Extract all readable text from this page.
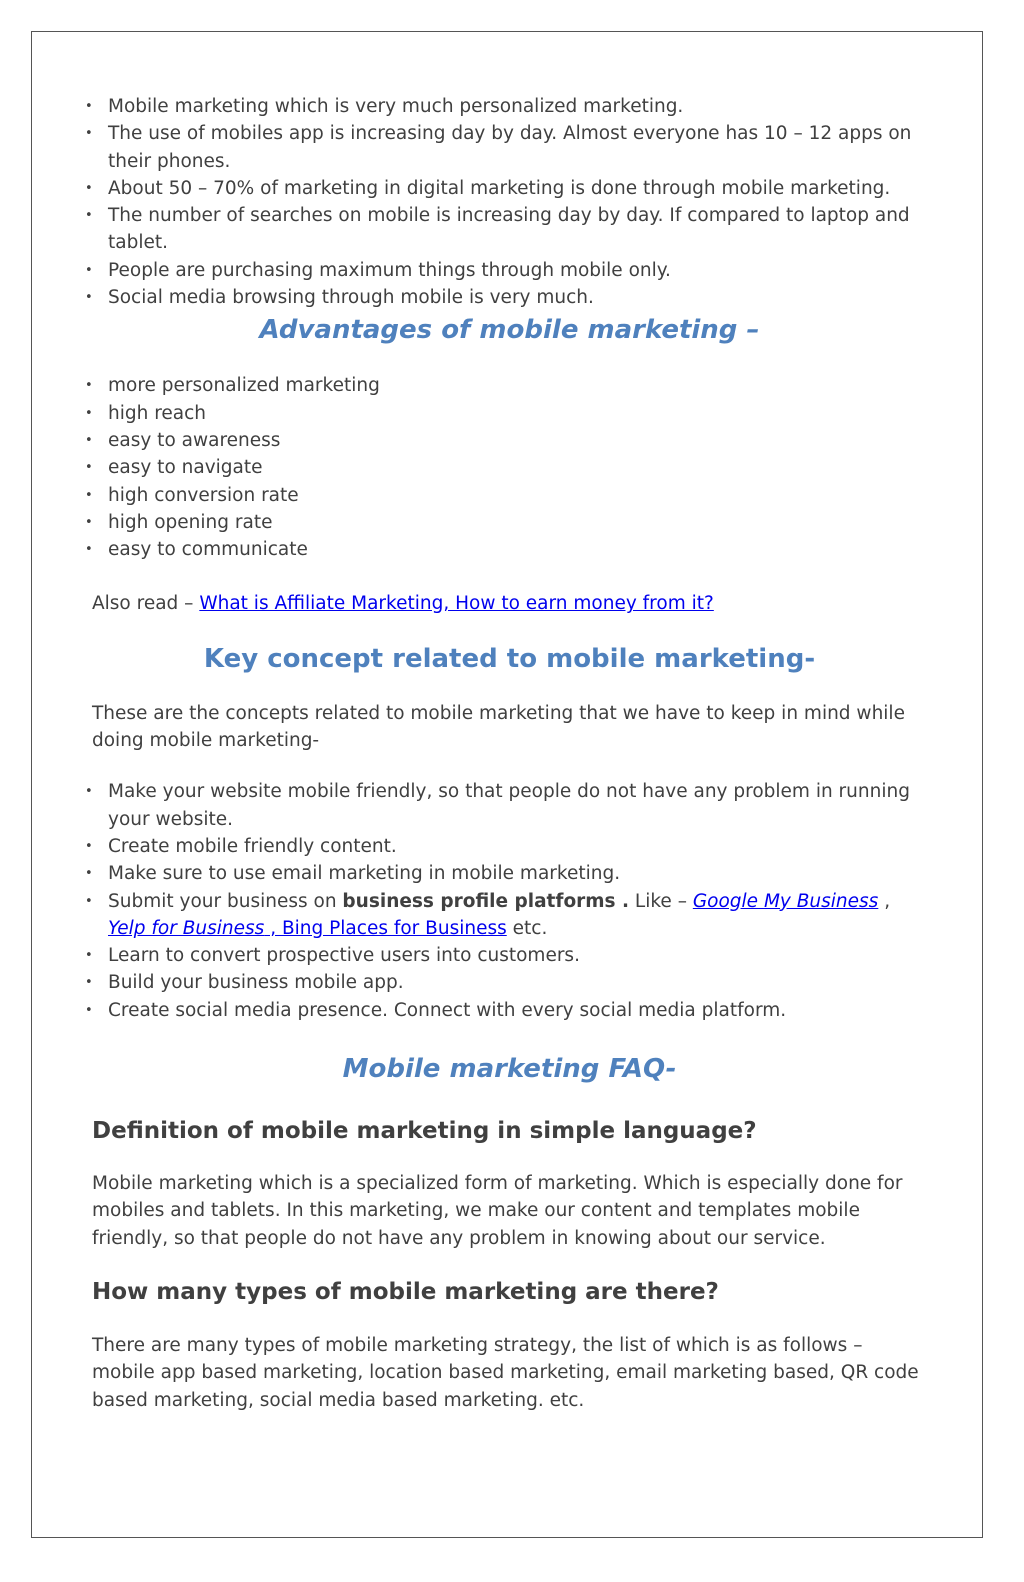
• Mobile marketing which is very much personalized marketing.
• The use of mobiles app is increasing day by day. Almost everyone has 10 – 12 apps on their phones.
• About 50 – 70% of marketing in digital marketing is done through mobile marketing.
• The number of searches on mobile is increasing day by day. If compared to laptop and tablet.
• People are purchasing maximum things through mobile only.
• Social media browsing through mobile is very much.
Advantages of mobile marketing –
• more personalized marketing
• high reach
• easy to awareness
• easy to navigate
• high conversion rate
• high opening rate
• easy to communicate

Also read – What is Affiliate Marketing, How to earn money from it?

Key concept related to mobile marketing-

These are the concepts related to mobile marketing that we have to keep in mind while doing mobile marketing-

• Make your website mobile friendly, so that people do not have any problem in running your website.
• Create mobile friendly content.
• Make sure to use email marketing in mobile marketing.
• Submit your business on business profile platforms . Like – Google My Business , Yelp for Business , Bing Places for Business etc.
• Learn to convert prospective users into customers.
• Build your business mobile app.
• Create social media presence. Connect with every social media platform.
Mobile marketing FAQ-
Definition of mobile marketing in simple language?

Mobile marketing which is a specialized form of marketing. Which is especially done for mobiles and tablets. In this marketing, we make our content and templates mobile friendly, so that people do not have any problem in knowing about our service.

How many types of mobile marketing are there?

There are many types of mobile marketing strategy, the list of which is as follows – mobile app based marketing, location based marketing, email marketing based, QR code based marketing, social media based marketing. etc.
